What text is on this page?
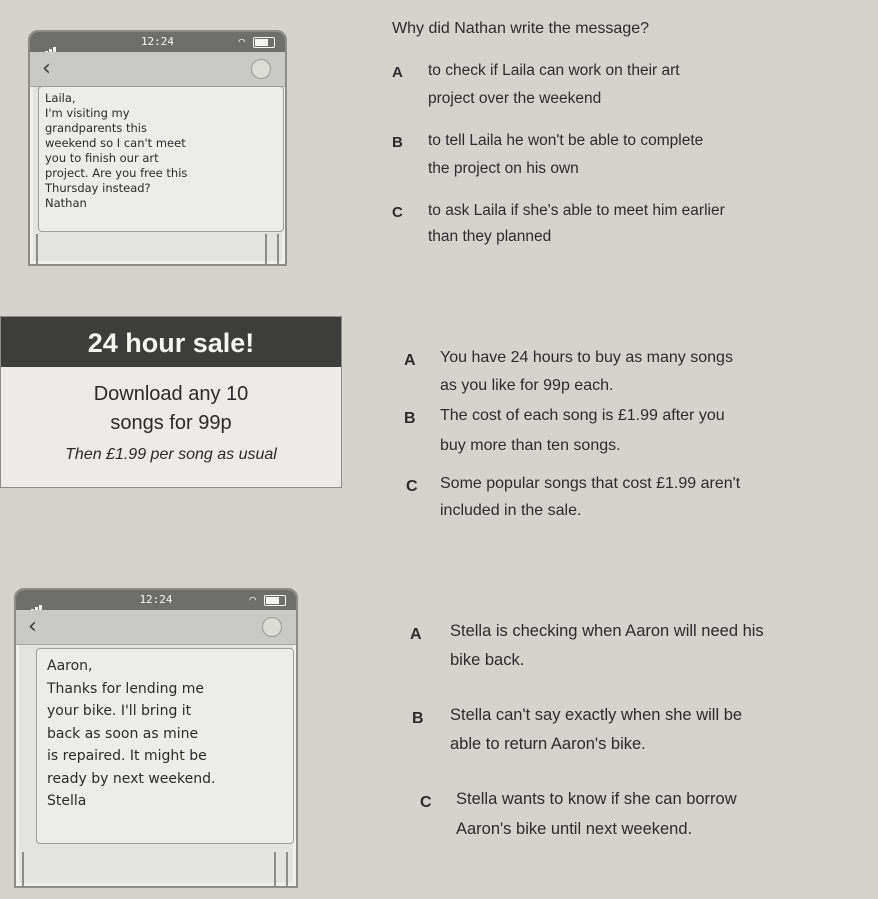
12:24	◠
‹
Laila,
I'm visiting my
grandparents this
weekend so I can't meet
you to finish our art
project. Are you free this
Thursday instead?
Nathan
Why did Nathan write the message?
A to check if Laila can work on their art
project over the weekend
B to tell Laila he won't be able to complete
the project on his own
C to ask Laila if she's able to meet him earlier
than they planned
24 hour sale!
Download any 10
songs for 99p
Then £1.99 per song as usual
A You have 24 hours to buy as many songs
as you like for 99p each.
B The cost of each song is £1.99 after you
buy more than ten songs.
C Some popular songs that cost £1.99 aren't
included in the sale.
12:24	◠
‹
Aaron,
Thanks for lending me
your bike. I'll bring it
back as soon as mine
is repaired. It might be
ready by next weekend.
Stella
A Stella is checking when Aaron will need his
bike back.
B Stella can't say exactly when she will be
able to return Aaron's bike.
C Stella wants to know if she can borrow
Aaron's bike until next weekend.
